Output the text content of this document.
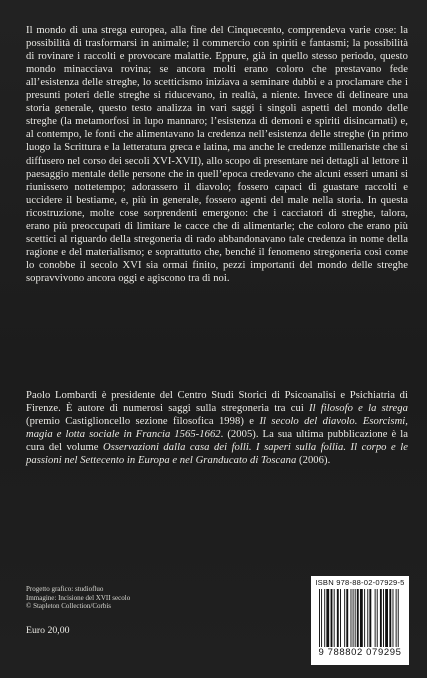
Il mondo di una strega europea, alla fine del Cinquecento, comprendeva varie cose: la possibilità di trasformarsi in animale; il commercio con spiriti e fantasmi; la possibilità di rovinare i raccolti e provocare malattie. Eppure, già in quello stesso periodo, questo mondo minacciava rovina; se ancora molti erano coloro che prestavano fede all’esistenza delle streghe, lo scetticismo iniziava a seminare dubbi e a proclamare che i presunti poteri delle streghe si riducevano, in realtà, a niente. Invece di delineare una storia generale, questo testo analizza in vari saggi i singoli aspetti del mondo delle streghe (la metamorfosi in lupo mannaro; l’esistenza di demoni e spiriti disincarnati) e, al contempo, le fonti che alimentavano la credenza nell’esistenza delle streghe (in primo luogo la Scrittura e la letteratura greca e latina, ma anche le credenze millenariste che si diffusero nel corso dei secoli XVI-XVII), allo scopo di presentare nei dettagli al lettore il paesaggio mentale delle persone che in quell’epoca credevano che alcuni esseri umani si riunissero nottetempo; adorassero il diavolo; fossero capaci di guastare raccolti e uccidere il bestiame, e, più in generale, fossero agenti del male nella storia. In questa ricostruzione, molte cose sorprendenti emergono: che i cacciatori di streghe, talora, erano più preoccupati di limitare le cacce che di alimentarle; che coloro che erano più scettici al riguardo della stregoneria di rado abbandonavano tale credenza in nome della ragione e del materialismo; e soprattutto che, benché il fenomeno stregoneria così come lo conobbe il secolo XVI sia ormai finito, pezzi importanti del mondo delle streghe sopravvivono ancora oggi e agiscono tra di noi.

Paolo Lombardi è presidente del Centro Studi Storici di Psicoanalisi e Psichiatria di Firenze. È autore di numerosi saggi sulla stregoneria tra cui Il filosofo e la strega (premio Castiglioncello sezione filosofica 1998) e Il secolo del diavolo. Esorcismi, magia e lotta sociale in Francia 1565-1662. (2005). La sua ultima pubblicazione è la cura del volume Osservazioni dalla casa dei folli. I saperi sulla follia. Il corpo e le passioni nel Settecento in Europa e nel Granducato di Toscana (2006).

Progetto grafico: studiofluo
Immagine: Incisione del XVII secolo
© Stapleton Collection/Corbis
Euro 20,00
ISBN 978-88-02-07929-5
9 788802 079295
